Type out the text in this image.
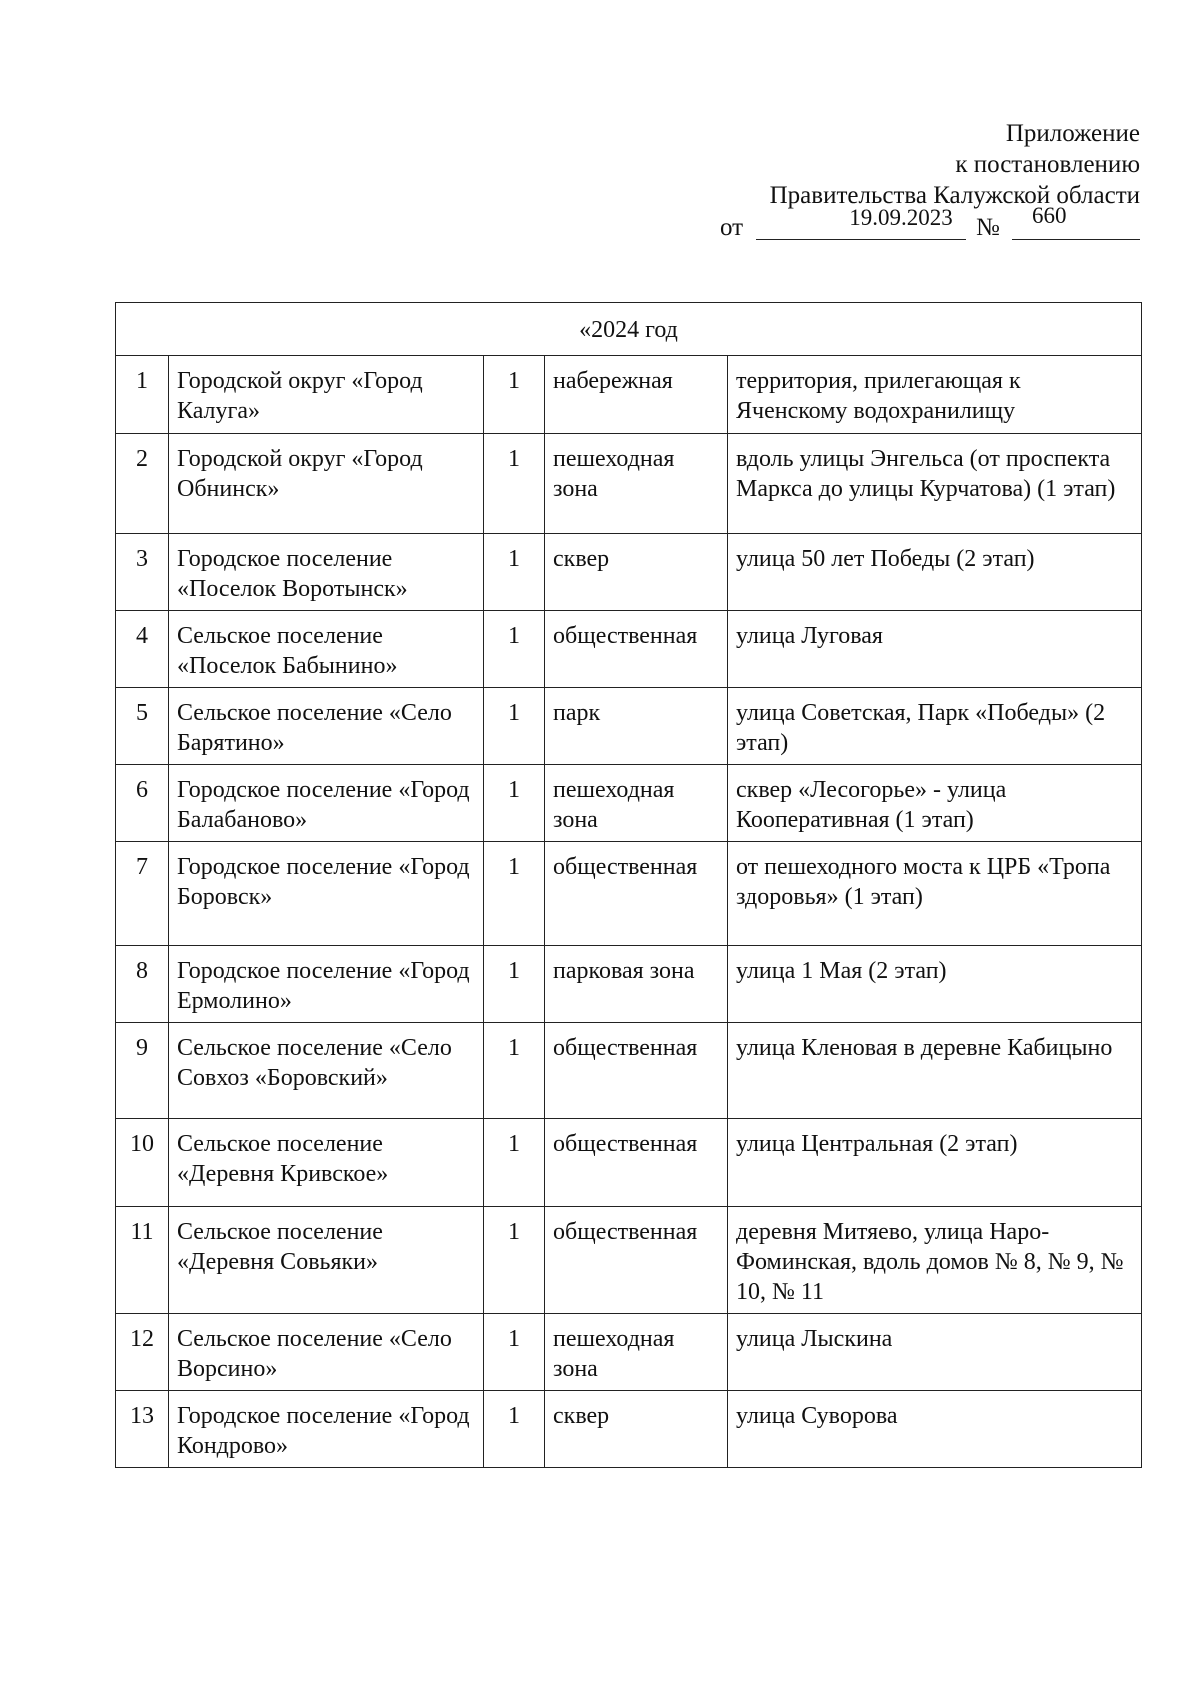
Приложение
к постановлению
Правительства Калужской области
от	19.09.2023 № 660
«2024 год				
1	Городской округ «Город Калуга»	1	набережная	территория, прилегающая к Яченскому водохранилищу
2	Городской округ «Город Обнинск»	1	пешеходная зона	вдоль улицы Энгельса (от проспекта Маркса до улицы Курчатова) (1 этап)
3	Городское поселение «Поселок Воротынск»	1	сквер	улица 50 лет Победы (2 этап)
4	Сельское поселение «Поселок Бабынино»	1	общественная	улица Луговая
5	Сельское поселение «Село Барятино»	1	парк	улица Советская, Парк «Победы» (2 этап)
6	Городское поселение «Город Балабаново»	1	пешеходная зона	сквер «Лесогорье» - улица Кооперативная (1 этап)
7	Городское поселение «Город Боровск»	1	общественная	от пешеходного моста к ЦРБ «Тропа здоровья» (1 этап)
8	Городское поселение «Город Ермолино»	1	парковая зона	улица 1 Мая (2 этап)
9	Сельское поселение «Село Совхоз «Боровский»	1	общественная	улица Кленовая в деревне Кабицыно
10	Сельское поселение «Деревня Кривское»	1	общественная	улица Центральная (2 этап)
11	Сельское поселение «Деревня Совьяки»	1	общественная	деревня Митяево, улица Наро-Фоминская, вдоль домов № 8, № 9, № 10, № 11
12	Сельское поселение «Село Ворсино»	1	пешеходная зона	улица Лыскина
13	Городское поселение «Город Кондрово»	1	сквер	улица Суворова
